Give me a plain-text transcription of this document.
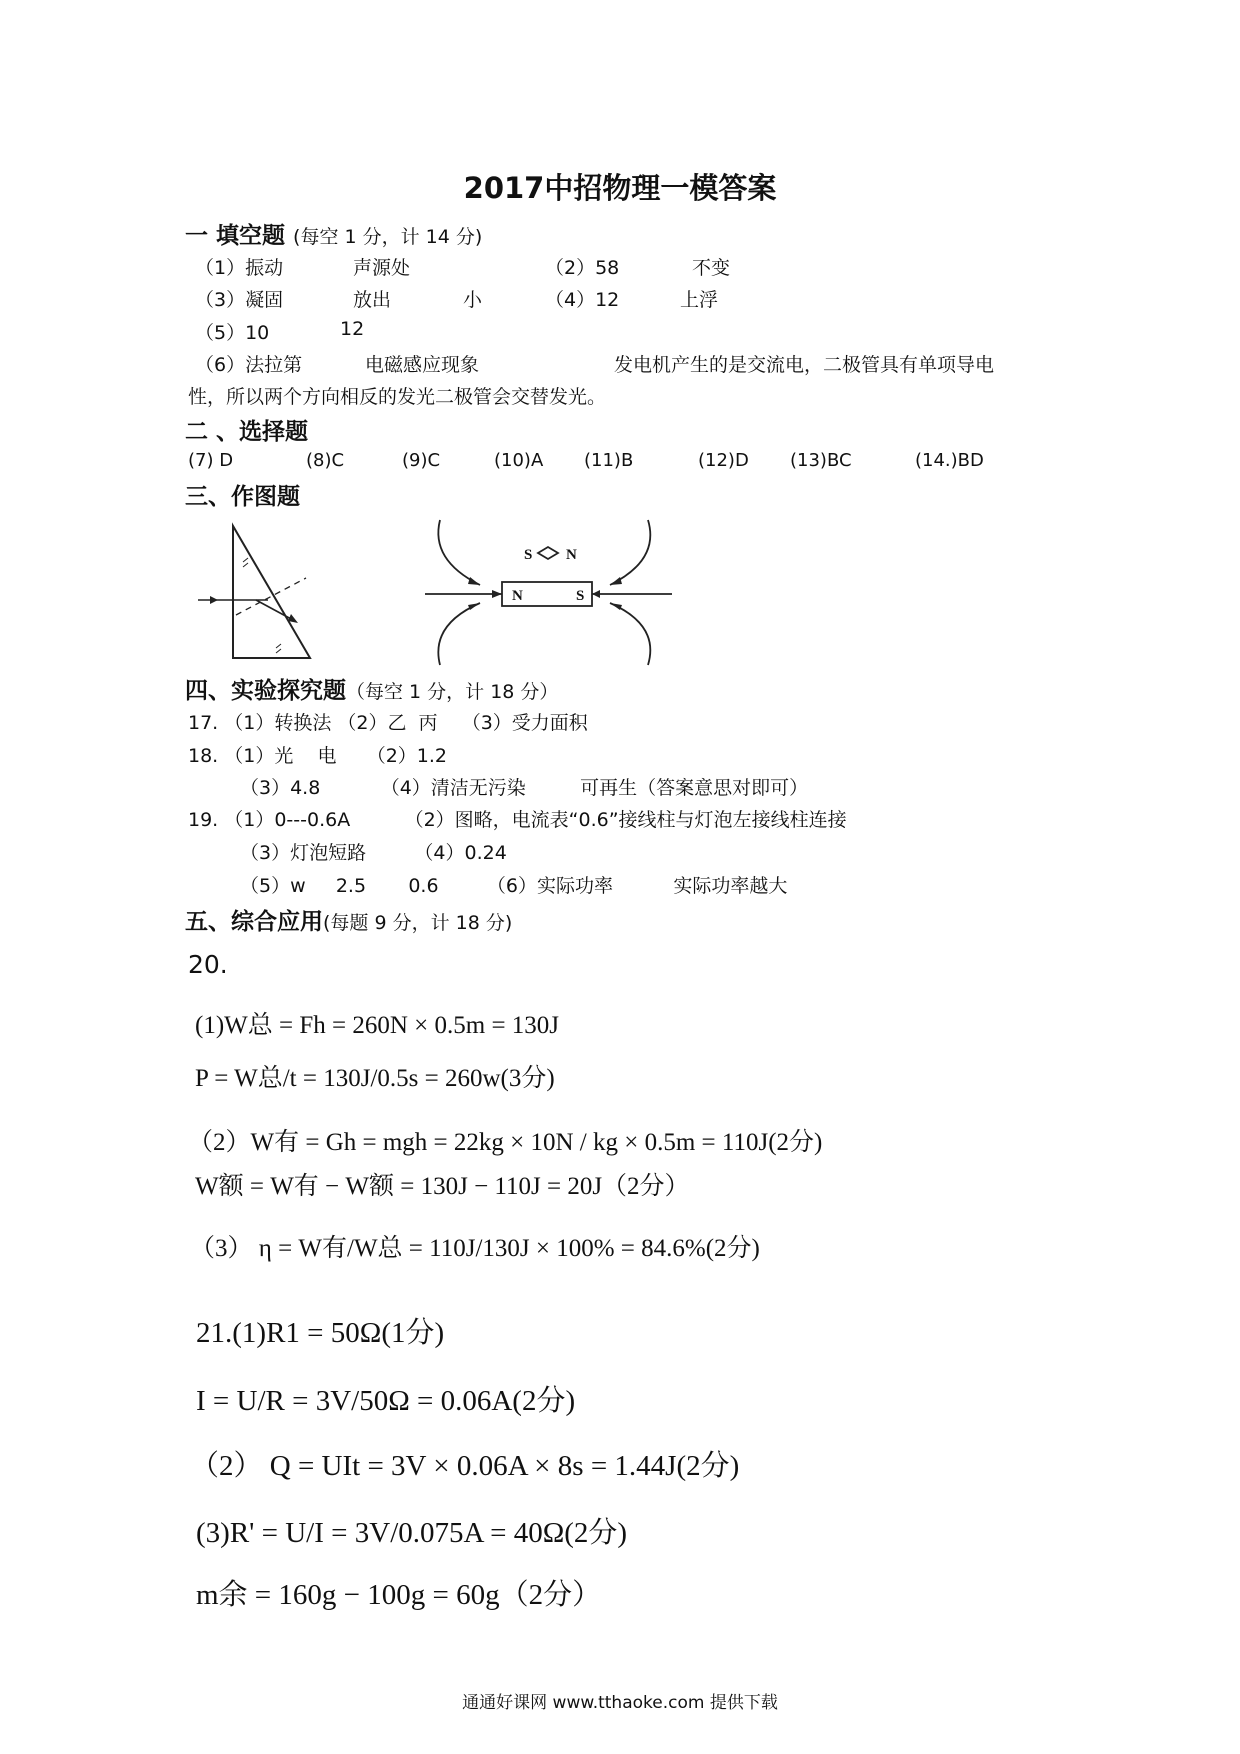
2017中招物理一模答案
一 填空题 (每空 1 分，计 14 分)
（1）振动	声源处	（2）58	不变
（3）凝固	放出	小	（4）12	上浮
（5）10	12
（6）法拉第	电磁感应现象	发电机产生的是交流电，二极管具有单项导电
性，所以两个方向相反的发光二极管会交替发光。
二 、选择题
(7) D	(8)C	(9)C	(10)A (11)B	(12)D (13)BC	(14.)BD
三、作图题
S N
N	S
四、实验探究题（每空 1 分，计 18 分）
17. （1）转换法 （2）乙  丙    （3）受力面积
18. （1）光    电     （2）1.2
（3）4.8          （4）清洁无污染         可再生（答案意思对即可）
19. （1）0---0.6A         （2）图略，电流表“0.6”接线柱与灯泡左接线柱连接
（3）灯泡短路        （4）0.24
（5）w     2.5       0.6        （6）实际功率          实际功率越大
五、综合应用(每题 9 分，计 18 分)
20.
(1)W总 = Fh = 260N × 0.5m = 130J
P = W总/t = 130J/0.5s = 260w(3分)
（2）W有 = Gh = mgh = 22kg × 10N / kg × 0.5m = 110J(2分)
W额 = W有 − W额 = 130J − 110J = 20J（2分）
（3） η = W有/W总 = 110J/130J × 100% = 84.6%(2分)
21.(1)R1 = 50Ω(1分)
I = U/R = 3V/50Ω = 0.06A(2分)
（2） Q = UIt = 3V × 0.06A × 8s = 1.44J(2分)
(3)R' = U/I = 3V/0.075A = 40Ω(2分)
m余 = 160g − 100g = 60g（2分）
通通好课网 www.tthaoke.com 提供下载
